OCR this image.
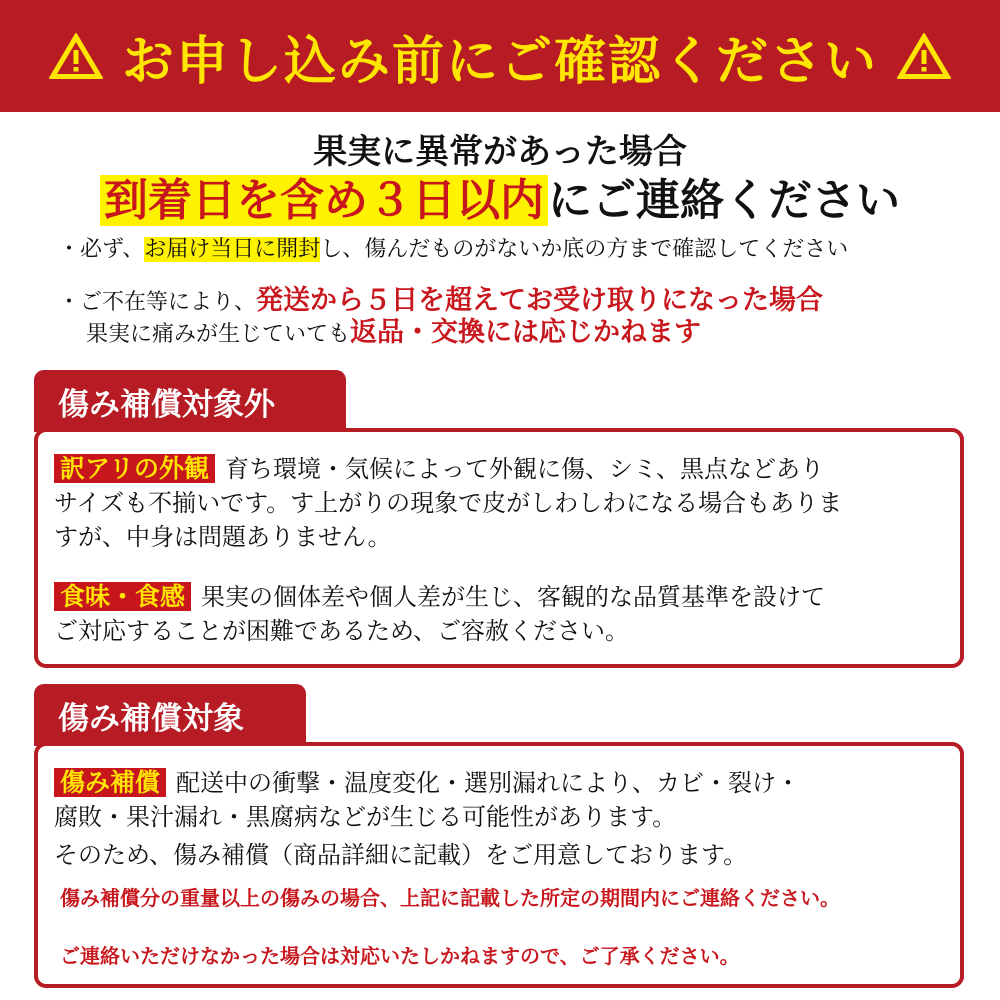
お申し込み前にご確認ください
果実に異常があった場合
到着日を含め３日以内にご連絡ください
・必ず、お届け当日に開封し、傷んだものがないか底の方まで確認してください
・ご不在等により、発送から５日を超えてお受け取りになった場合
果実に痛みが生じていても返品・交換には応じかねます
訳アリの外観 育ち環境・気候によって外観に傷、シミ、黒点などあり
サイズも不揃いです。す上がりの現象で皮がしわしわになる場合もありま
すが、中身は問題ありません。
食味・食感 果実の個体差や個人差が生じ、客観的な品質基準を設けて
ご対応することが困難であるため、ご容赦ください。
傷み補償対象外
傷み補償 配送中の衝撃・温度変化・選別漏れにより、カビ・裂け・
腐敗・果汁漏れ・黒腐病などが生じる可能性があります。
そのため、傷み補償（商品詳細に記載）をご用意しております。
傷み補償分の重量以上の傷みの場合、上記に記載した所定の期間内にご連絡ください。
ご連絡いただけなかった場合は対応いたしかねますので、ご了承ください。
傷み補償対象
